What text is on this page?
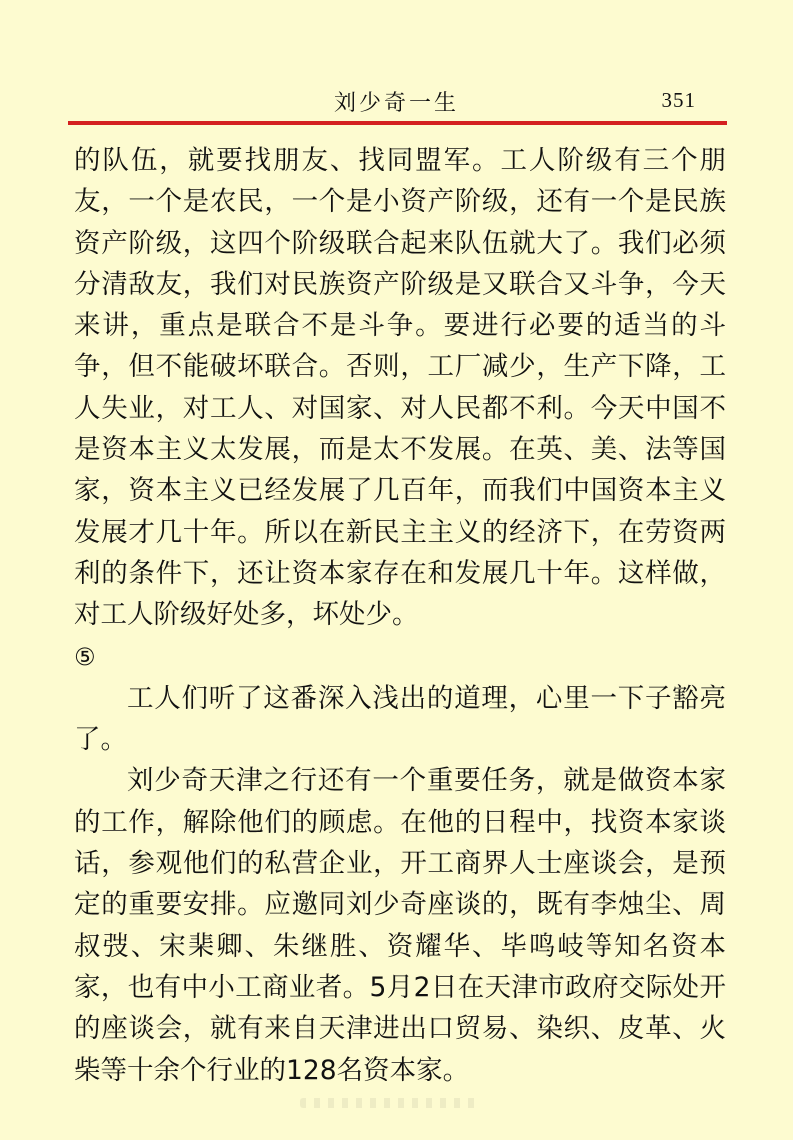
刘少奇一生	351

的队伍，就要找朋友、找同盟军。工人阶级有三个朋友，一个是农民，一个是小资产阶级，还有一个是民族资产阶级，这四个阶级联合起来队伍就大了。我们必须分清敌友，我们对民族资产阶级是又联合又斗争，今天来讲，重点是联合不是斗争。要进行必要的适当的斗争，但不能破坏联合。否则，工厂减少，生产下降，工人失业，对工人、对国家、对人民都不利。今天中国不是资本主义太发展，而是太不发展。在英、美、法等国家，资本主义已经发展了几百年，而我们中国资本主义发展才几十年。所以在新民主主义的经济下，在劳资两利的条件下，还让资本家存在和发展几十年。这样做，对工人阶级好处多，坏处少。
⑤

工人们听了这番深入浅出的道理，心里一下子豁亮了。

刘少奇天津之行还有一个重要任务，就是做资本家的工作，解除他们的顾虑。在他的日程中，找资本家谈话，参观他们的私营企业，开工商界人士座谈会，是预定的重要安排。应邀同刘少奇座谈的，既有李烛尘、周叔弢、宋棐卿、朱继胜、资耀华、毕鸣岐等知名资本家，也有中小工商业者。5月2日在天津市政府交际处开的座谈会，就有来自天津进出口贸易、染织、皮革、火柴等十余个行业的128名资本家。
